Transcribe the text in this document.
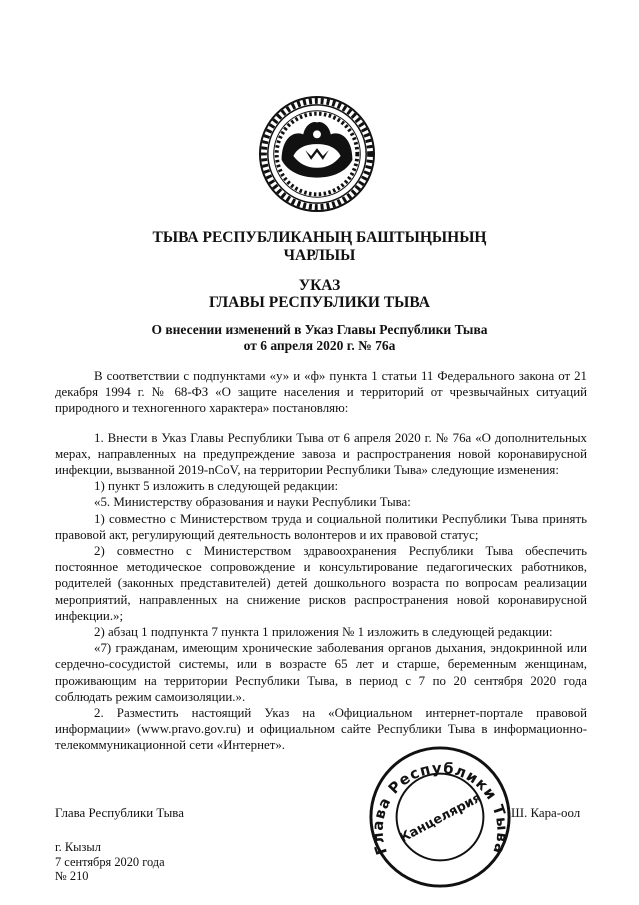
ТЫВА РЕСПУБЛИКАНЫҢ БАШТЫҢЫНЫҢ
ЧАРЛЫЫ
УКАЗ
ГЛАВЫ РЕСПУБЛИКИ ТЫВА
О внесении изменений в Указ Главы Республики Тыва
от 6 апреля 2020 г. № 76а

В соответствии с подпунктами «у» и «ф» пункта 1 статьи 11 Федерального закона от 21 декабря 1994 г. № 68-ФЗ «О защите населения и территорий от чрезвычайных ситуаций природного и техногенного характера» постановляю:

1. Внести в Указ Главы Республики Тыва от 6 апреля 2020 г. № 76а «О дополнительных мерах, направленных на предупреждение завоза и распространения новой коронавирусной инфекции, вызванной 2019-nCoV, на территории Республики Тыва» следующие изменения:

1) пункт 5 изложить в следующей редакции:

«5. Министерству образования и науки Республики Тыва:

1) совместно с Министерством труда и социальной политики Республики Тыва принять правовой акт, регулирующий деятельность волонтеров и их правовой статус;

2) совместно с Министерством здравоохранения Республики Тыва обеспечить постоянное методическое сопровождение и консультирование педагогических работников, родителей (законных представителей) детей дошкольного возраста по вопросам реализации мероприятий, направленных на снижение рисков распространения новой коронавирусной инфекции.»;

2) абзац 1 подпункта 7 пункта 1 приложения № 1 изложить в следующей редакции:

«7) гражданам, имеющим хронические заболевания органов дыхания, эндокринной или сердечно-сосудистой системы, или в возрасте 65 лет и старше, беременным женщинам, проживающим на территории Республики Тыва, в период с 7 по 20 сентября 2020 года соблюдать режим самоизоляции.».

2. Разместить настоящий Указ на «Официальном интернет-портале правовой информации» (www.pravo.gov.ru) и официальном сайте Республики Тыва в информационно-телекоммуникационной сети «Интернет».

Глава Республики Тыва	Ш. Кара-оол
г. Кызыл
7 сентября 2020 года
№ 210
Глава Республики Тыва
Канцелярия
